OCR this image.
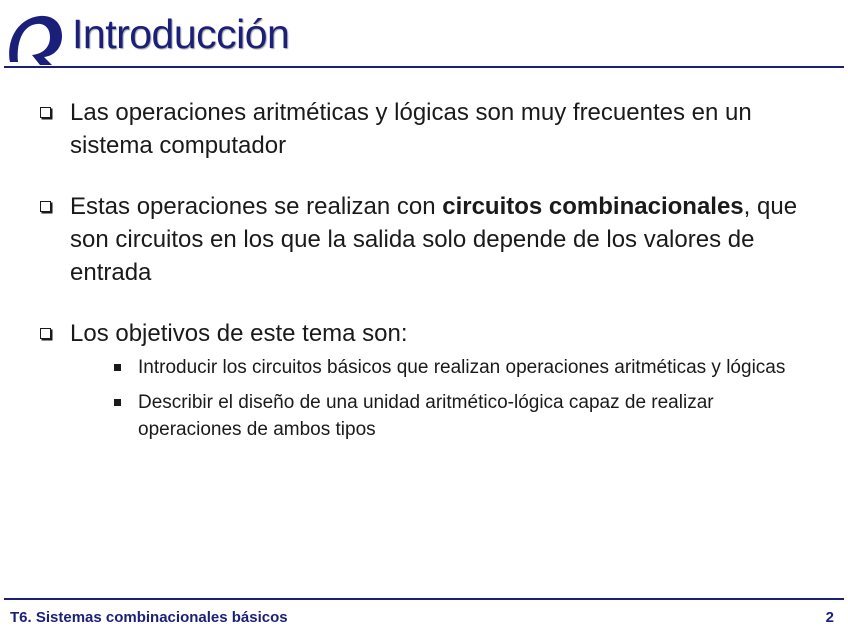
Introducción
Las operaciones aritméticas y lógicas son muy frecuentes en un sistema computador
Estas operaciones se realizan con circuitos combinacionales, que son circuitos en los que la salida solo depende de los valores de entrada
Los objetivos de este tema son:
Introducir los circuitos básicos que realizan operaciones aritméticas y lógicas
Describir el diseño de una unidad aritmético-lógica capaz de realizar operaciones de ambos tipos
T6. Sistemas combinacionales básicos	2
